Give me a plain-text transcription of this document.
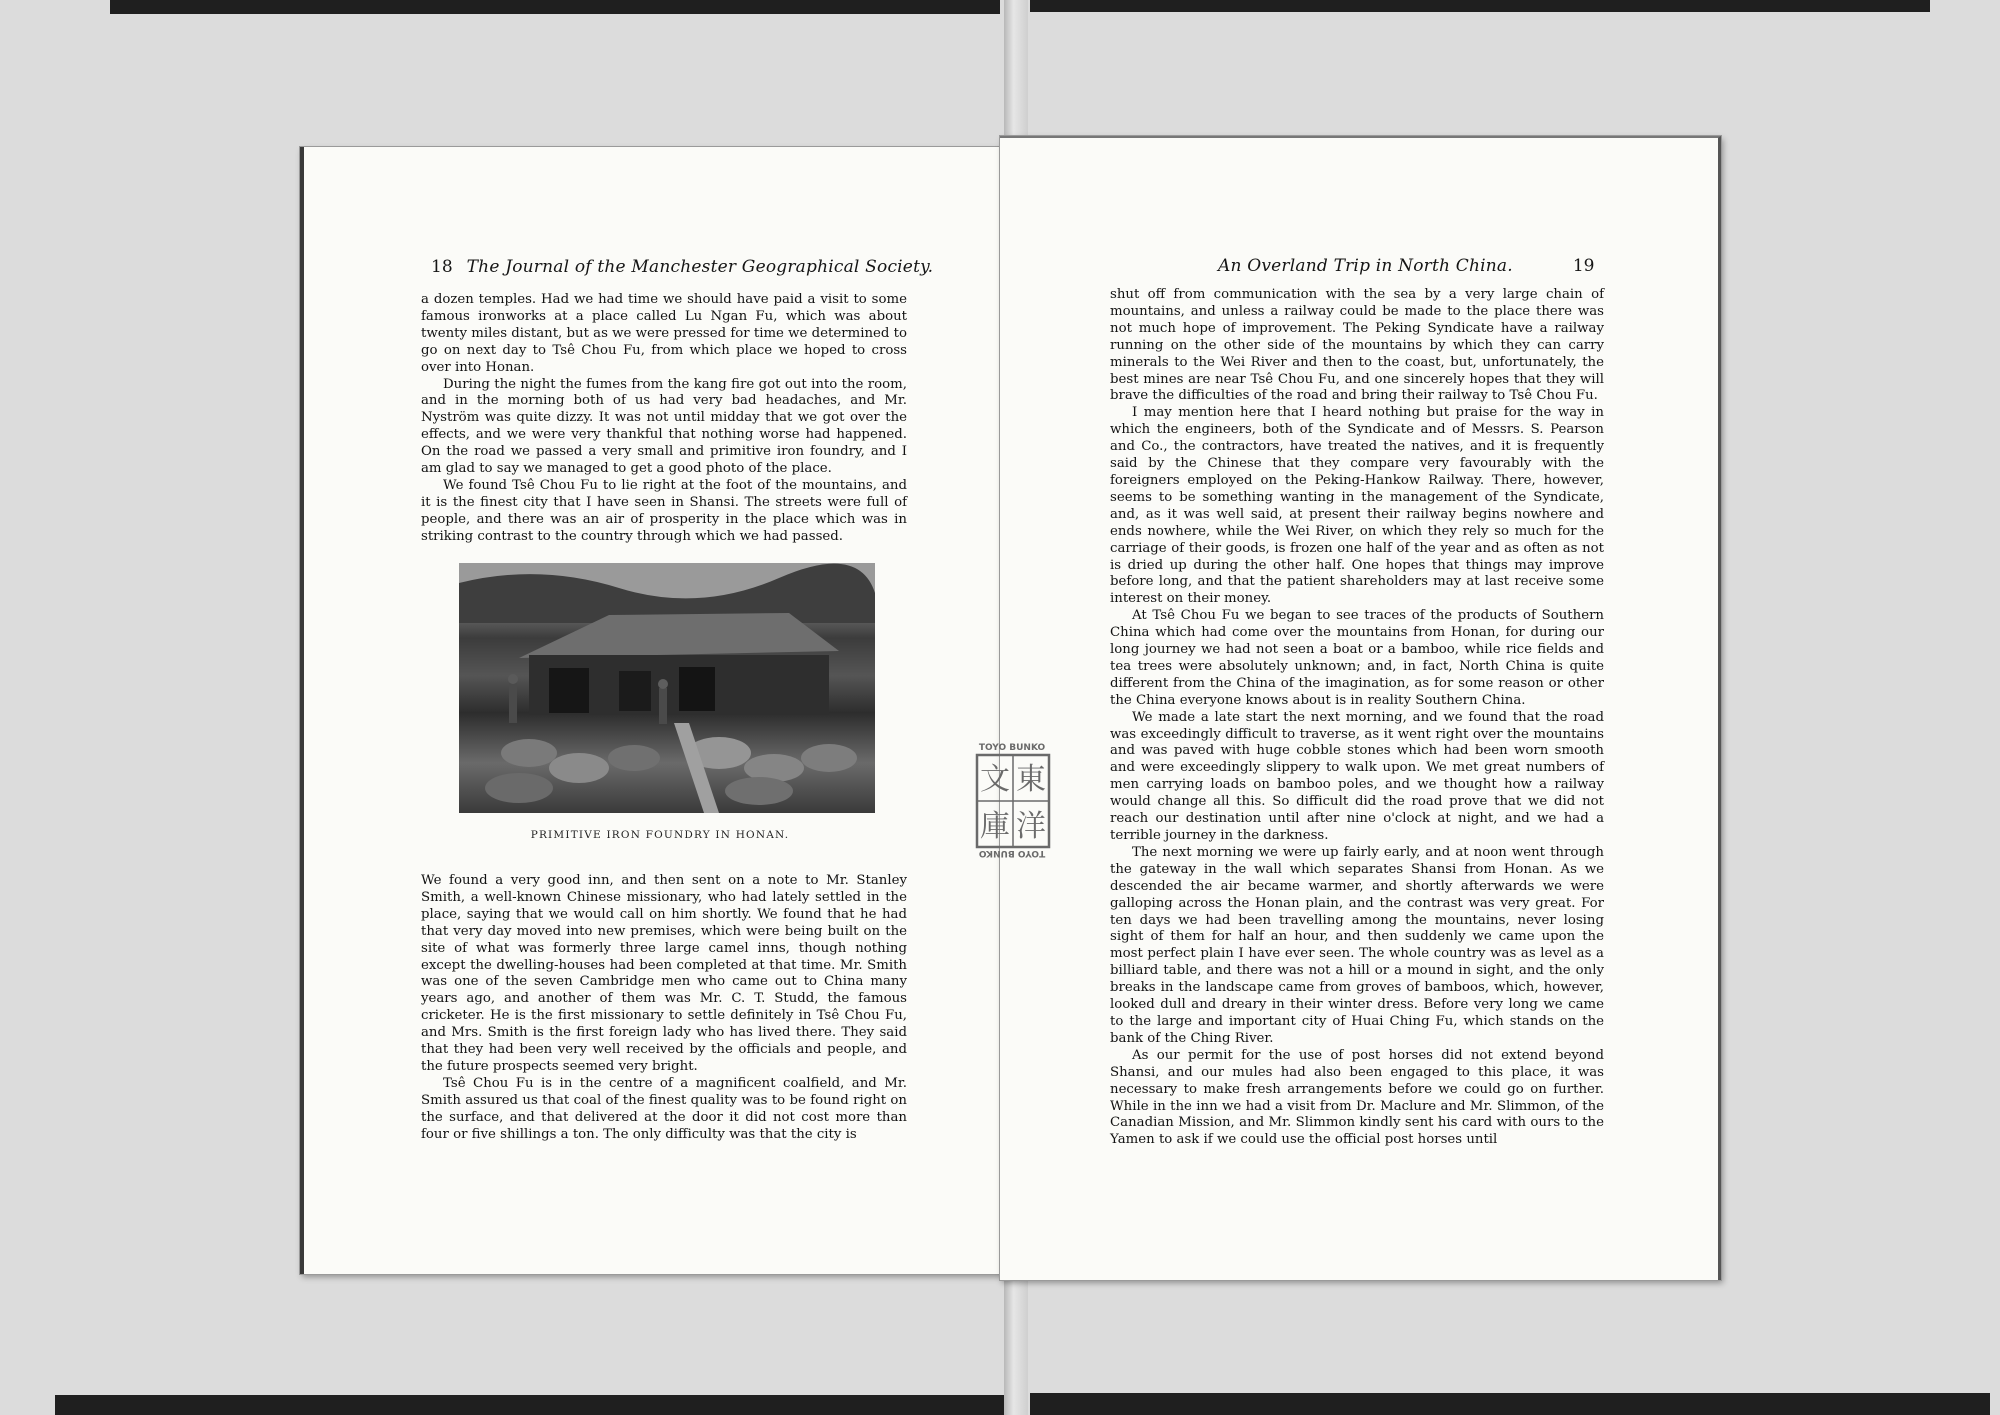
18 The Journal of the Manchester Geographical Society.

a dozen temples. Had we had time we should have paid a visit to some famous ironworks at a place called Lu Ngan Fu, which was about twenty miles distant, but as we were pressed for time we determined to go on next day to Tsê Chou Fu, from which place we hoped to cross over into Honan.

During the night the fumes from the kang fire got out into the room, and in the morning both of us had very bad headaches, and Mr. Nyström was quite dizzy. It was not until midday that we got over the effects, and we were very thankful that nothing worse had happened. On the road we passed a very small and primitive iron foundry, and I am glad to say we managed to get a good photo of the place.

We found Tsê Chou Fu to lie right at the foot of the mountains, and it is the finest city that I have seen in Shansi. The streets were full of people, and there was an air of prosperity in the place which was in striking contrast to the country through which we had passed.

PRIMITIVE IRON FOUNDRY IN HONAN.

We found a very good inn, and then sent on a note to Mr. Stanley Smith, a well-known Chinese missionary, who had lately settled in the place, saying that we would call on him shortly. We found that he had that very day moved into new premises, which were being built on the site of what was formerly three large camel inns, though nothing except the dwelling-houses had been completed at that time. Mr. Smith was one of the seven Cambridge men who came out to China many years ago, and another of them was Mr. C. T. Studd, the famous cricketer. He is the first missionary to settle definitely in Tsê Chou Fu, and Mrs. Smith is the first foreign lady who has lived there. They said that they had been very well received by the officials and people, and the future prospects seemed very bright.

Tsê Chou Fu is in the centre of a magnificent coalfield, and Mr. Smith assured us that coal of the finest quality was to be found right on the surface, and that delivered at the door it did not cost more than four or five shillings a ton. The only difficulty was that the city is

An Overland Trip in North China.	19

shut off from communication with the sea by a very large chain of mountains, and unless a railway could be made to the place there was not much hope of improvement. The Peking Syndicate have a railway running on the other side of the mountains by which they can carry minerals to the Wei River and then to the coast, but, unfortunately, the best mines are near Tsê Chou Fu, and one sincerely hopes that they will brave the difficulties of the road and bring their railway to Tsê Chou Fu.

I may mention here that I heard nothing but praise for the way in which the engineers, both of the Syndicate and of Messrs. S. Pearson and Co., the contractors, have treated the natives, and it is frequently said by the Chinese that they compare very favourably with the foreigners employed on the Peking-Hankow Railway. There, however, seems to be something wanting in the management of the Syndicate, and, as it was well said, at present their railway begins nowhere and ends nowhere, while the Wei River, on which they rely so much for the carriage of their goods, is frozen one half of the year and as often as not is dried up during the other half. One hopes that things may improve before long, and that the patient shareholders may at last receive some interest on their money.

At Tsê Chou Fu we began to see traces of the products of Southern China which had come over the mountains from Honan, for during our long journey we had not seen a boat or a bamboo, while rice fields and tea trees were absolutely unknown; and, in fact, North China is quite different from the China of the imagination, as for some reason or other the China everyone knows about is in reality Southern China.

We made a late start the next morning, and we found that the road was exceedingly difficult to traverse, as it went right over the mountains and was paved with huge cobble stones which had been worn smooth and were exceedingly slippery to walk upon. We met great numbers of men carrying loads on bamboo poles, and we thought how a railway would change all this. So difficult did the road prove that we did not reach our destination until after nine o'clock at night, and we had a terrible journey in the darkness.

The next morning we were up fairly early, and at noon went through the gateway in the wall which separates Shansi from Honan. As we descended the air became warmer, and shortly afterwards we were galloping across the Honan plain, and the contrast was very great. For ten days we had been travelling among the mountains, never losing sight of them for half an hour, and then suddenly we came upon the most perfect plain I have ever seen. The whole country was as level as a billiard table, and there was not a hill or a mound in sight, and the only breaks in the landscape came from groves of bamboos, which, however, looked dull and dreary in their winter dress. Before very long we came to the large and important city of Huai Ching Fu, which stands on the bank of the Ching River.

As our permit for the use of post horses did not extend beyond Shansi, and our mules had also been engaged to this place, it was necessary to make fresh arrangements before we could go on further. While in the inn we had a visit from Dr. Maclure and Mr. Slimmon, of the Canadian Mission, and Mr. Slimmon kindly sent his card with ours to the Yamen to ask if we could use the official post horses until

TOYO BUNKO
東
洋
文
庫
TOYO BUNKO
